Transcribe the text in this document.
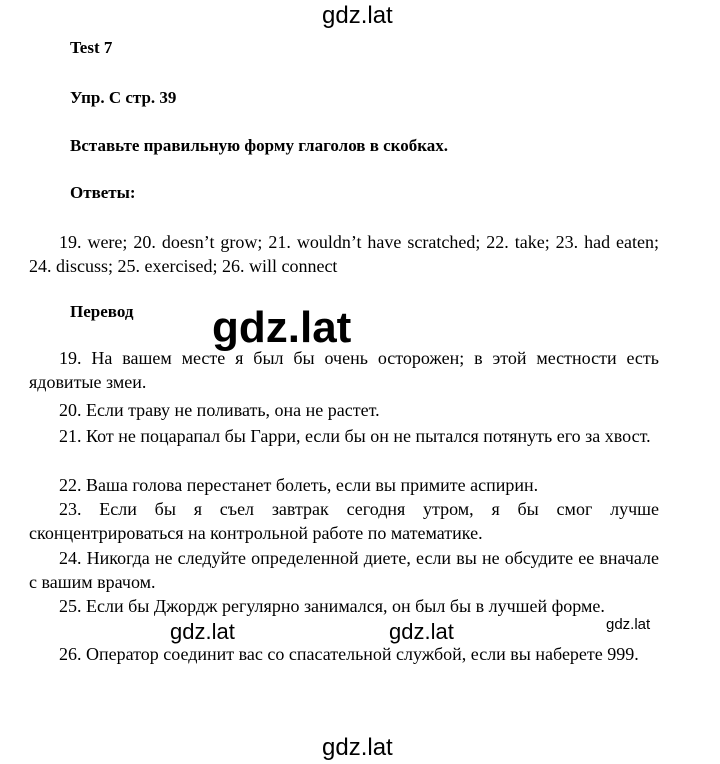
gdz.lat
Test 7
Упр. C стр. 39
Вставьте правильную форму глаголов в скобках.
Ответы:
19. were; 20. doesn’t grow; 21. wouldn’t have scratched; 22. take; 23. had eaten; 24. discuss; 25. exercised; 26. will connect
Перевод
19. На вашем месте я был бы очень осторожен; в этой местности есть ядовитые змеи.
20. Если траву не поливать, она не растет.
21. Кот не поцарапал бы Гарри, если бы он не пытался потянуть его за хвост.
22. Ваша голова перестанет болеть, если вы примите аспирин.
23. Если бы я съел завтрак сегодня утром, я бы смог лучше сконцентрироваться на контрольной работе по математике.
24. Никогда не следуйте определенной диете, если вы не обсудите ее вначале с вашим врачом.
25. Если бы Джордж регулярно занимался, он был бы в лучшей форме.
26. Оператор соединит вас со спасательной службой, если вы наберете 999.
gdz.lat
gdz.lat	gdz.lat	gdz.lat
gdz.lat
